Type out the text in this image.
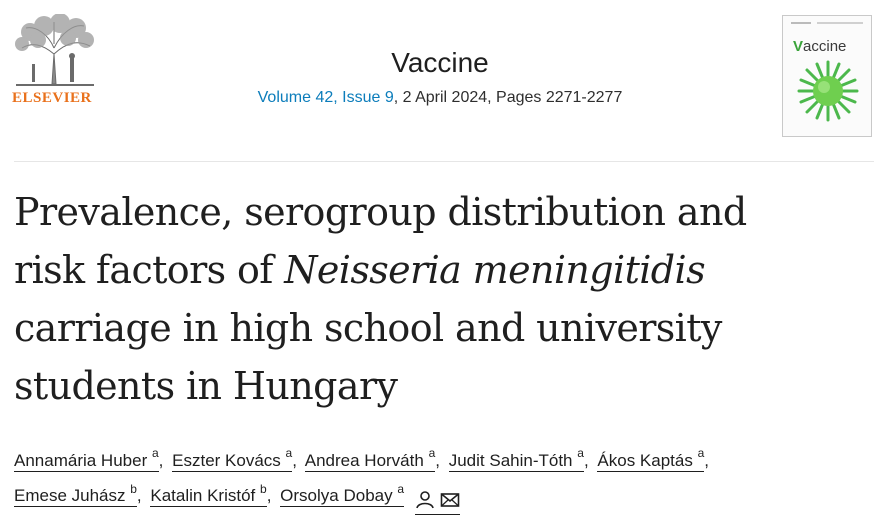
ELSEVIER
Vaccine
Volume 42, Issue 9, 2 April 2024, Pages 2271-2277
Vaccine
Prevalence, serogroup distribution and
risk factors of Neisseria meningitidis
carriage in high school and university
students in Hungary
Annamária Huber $^a$, Eszter Kovács $^a$, Andrea Horváth $^a$, Judit Sahin-Tóth $^a$, Ákos Kaptás $^a$,
Emese Juhász $^b$, Katalin Kristóf $^b$, Orsolya Dobay $^a$
